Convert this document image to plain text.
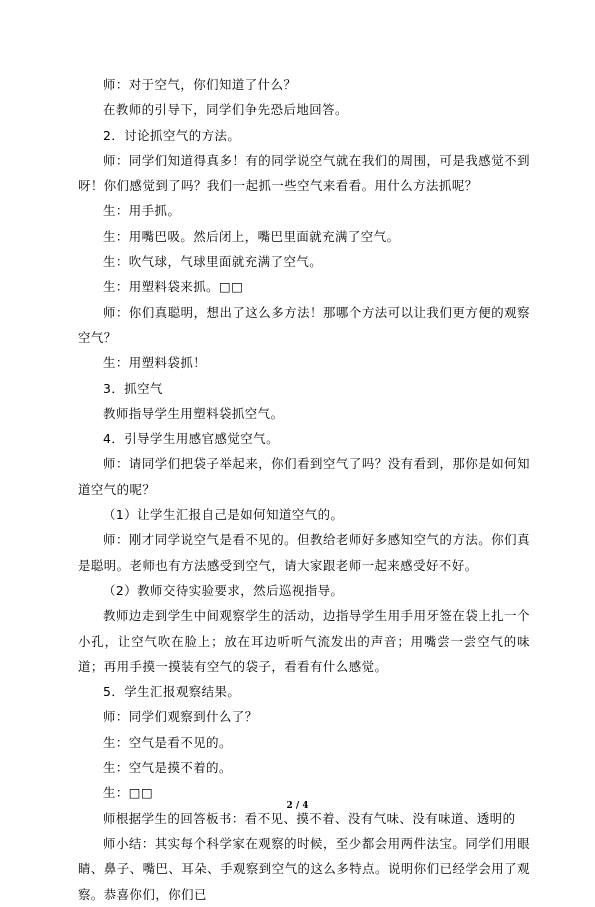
师：对于空气，你们知道了什么？

在教师的引导下，同学们争先恐后地回答。

2．讨论抓空气的方法。

师：同学们知道得真多！有的同学说空气就在我们的周围，可是我感觉不到呀！你们感觉到了吗？我们一起抓一些空气来看看。用什么方法抓呢？

生：用手抓。

生：用嘴巴吸。然后闭上，嘴巴里面就充满了空气。

生：吹气球，气球里面就充满了空气。

生：用塑料袋来抓。□□

师：你们真聪明，想出了这么多方法！那哪个方法可以让我们更方便的观察空气？

生：用塑料袋抓！

3．抓空气

教师指导学生用塑料袋抓空气。

4．引导学生用感官感觉空气。

师：请同学们把袋子举起来，你们看到空气了吗？没有看到，那你是如何知道空气的呢？

（1）让学生汇报自己是如何知道空气的。

师：刚才同学说空气是看不见的。但教给老师好多感知空气的方法。你们真是聪明。老师也有方法感受到空气，请大家跟老师一起来感受好不好。

（2）教师交待实验要求，然后巡视指导。

教师边走到学生中间观察学生的活动，边指导学生用手用牙签在袋上扎一个小孔，让空气吹在脸上；放在耳边听听气流发出的声音；用嘴尝一尝空气的味道；再用手摸一摸装有空气的袋子，看看有什么感觉。

5．学生汇报观察结果。

师：同学们观察到什么了？

生：空气是看不见的。

生：空气是摸不着的。

生：□□

师根据学生的回答板书：看不见、摸不着、没有气味、没有味道、透明的

师小结：其实每个科学家在观察的时候，至少都会用两件法宝。同学们用眼睛、鼻子、嘴巴、耳朵、手观察到空气的这么多特点。说明你们已经学会用了观察。恭喜你们，你们已

2 / 4
